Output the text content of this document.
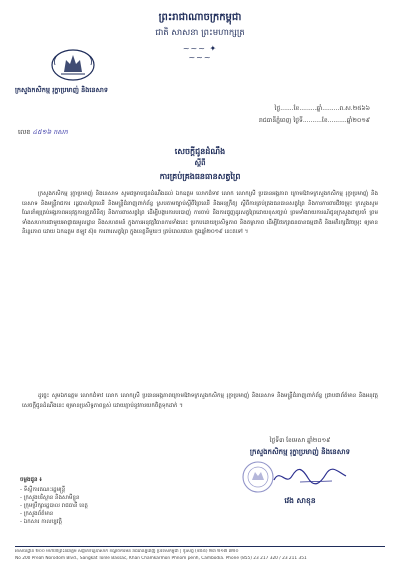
ព្រះរាជាណាចក្រកម្ពុជា
ជាតិ សាសនា ព្រះមហាក្សត្រ
~~~ ✦ ~~~
ក្រសួងកសិកម្ម រុក្ខាប្រមាញ់ និងនេសាទ
ថ្ងៃ.......ខែ.........ឆ្នាំ.........ព.ស.២៥៦៦
រាជធានីភ្នំពេញ ថ្ងៃទី..........ខែ..........ឆ្នាំ២០១៩
លេខ ៤៥១៦ កសក
សេចក្តីជូនដំណឹង
ស្តីពី
ការគ្រប់គ្រងធនធានសត្វព្រៃ

ក្រសួងកសិកម្ម រុក្ខាប្រមាញ់ និងនេសាទ សូមជម្រាបជូនដំណឹងដល់ ឯកឧត្តម លោកជំទាវ លោក លោកស្រី ប្រធានអង្គភាព ក្រោមឱវាទក្រសួងកសិកម្ម រុក្ខាប្រមាញ់ និងនេសាទ និងមន្ត្រីរាជការ រដ្ឋបាលព្រៃឈើ និងមន្ត្រីជំនាញពាក់ព័ន្ធ ស្របតាមច្បាប់ស្តីពីព្រៃឈើ និងអនុក្រឹត្យ ស្តីពីការគ្រប់គ្រងធនធានសត្វព្រៃ និងការការពារជីវចម្រុះ ក្រសួងសូមណែនាំឲ្យគ្រប់អង្គភាពអនុវត្តការត្រួតពិនិត្យ និងការពារសត្វព្រៃ ដើម្បីបង្ការការបរបាញ់ ការចាប់ និងការជួញដូរសត្វព្រៃដោយខុសច្បាប់ ព្រមទាំងរាយការណ៍ជូនក្រសួងជាប្រចាំ ព្រមទាំងសហការជាមួយអាជ្ញាធរមូលដ្ឋាន និងសហគមន៍ ក្នុងការអនុវត្តវិធានការទាំងនេះ ប្រកបដោយប្រសិទ្ធភាព និងតម្លាភាព ដើម្បីថែរក្សាធនធានធម្មជាតិ និងអភិរក្សជីវចម្រុះ ឲ្យមាននិរន្តរភាព ដោយ ឯកឧត្តម ឥឡូវ ស៊ុខ ការពារសត្វព្រៃ ក្នុងខេត្តនីមួយៗ គ្រប់ពេលវេលា ក្នុងឆ្នាំ២០១៩ នេះតទៅ ។

ដូច្នេះ សូមឯកឧត្តម លោកជំទាវ លោក លោកស្រី ប្រធានអង្គភាពក្រោមឱវាទក្រសួងកសិកម្ម រុក្ខាប្រមាញ់ និងនេសាទ និងមន្ត្រីជំនាញពាក់ព័ន្ធ ជ្រាបជាព័ត៌មាន និងអនុវត្តសេចក្តីជូនដំណឹងនេះ ឲ្យមានប្រសិទ្ធភាពខ្ពស់ ដោយភ្ជាប់នូវការយកចិត្តទុកដាក់ ។

ថ្ងៃទី៣ ខែមេសា ឆ្នាំ២០១៩
ក្រសួងកសិកម្ម រុក្ខាប្រមាញ់ និងនេសាទ
វេង សាខុន
ចម្លងជូន ៖
- ទីស្តីការគណៈរដ្ឋមន្ត្រី
- ក្រសួងបរិស្ថាន និងសាមីខ្លួន
- ក្រុមប្រឹក្សារដ្ឋបាល រាជធានី ខេត្ត
- ក្រសួងព័ត៌មាន
- ឯកសារ កាលប្បវត្តិ
អាសយដ្ឋាន ២០០ មហាវិថីព្រះនរោត្តម សង្កាត់ទន្លេបាសាក់ ខណ្ឌចំការមន រាជធានីភ្នំពេញ ប្រទេសកម្ពុជា | ទូរស័ព្ទ (៨៥៥) ២៣ ២១៧ ៣២០
No 200 Preah Norodom Blvd., Sangkat Tonle Bassac, Khan Chamkarmon Phnom penh, Cambodia. Phone (855) 23 217 320 / 23 211 351
